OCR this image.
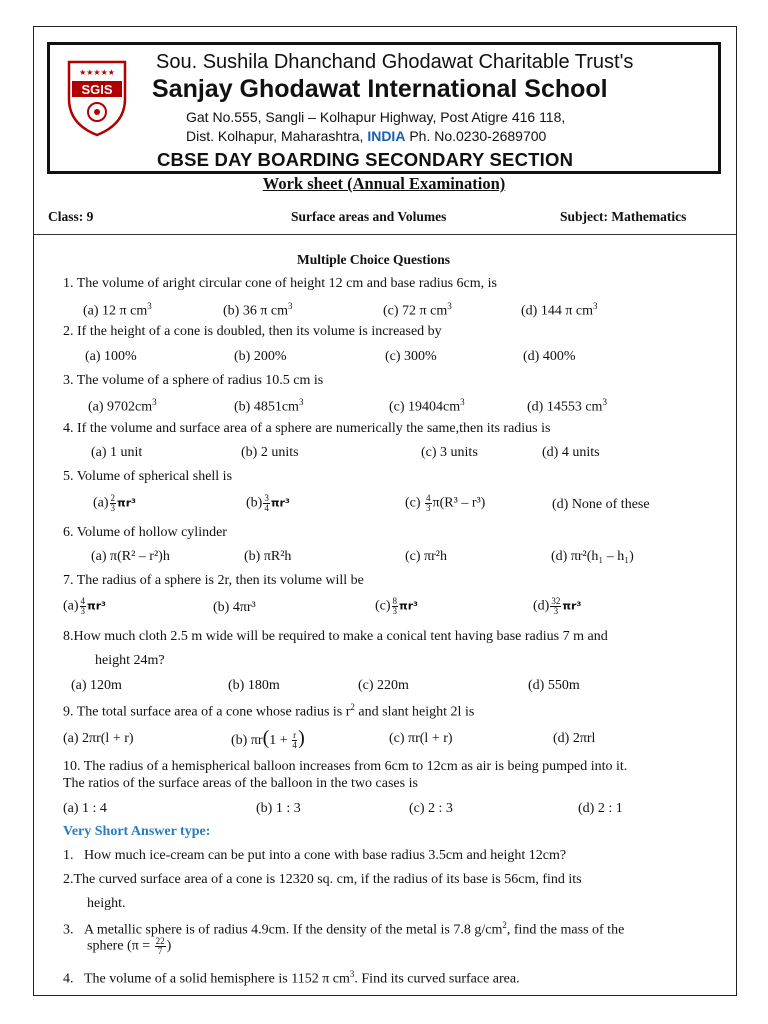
SGIS
★★★★★ Sou. Sushila Dhanchand Ghodawat Charitable Trust's
Sanjay Ghodawat International School
Gat No.555, Sangli – Kolhapur Highway, Post Atigre 416 118,
Dist. Kolhapur, Maharashtra, INDIA Ph. No.0230-2689700
CBSE DAY BOARDING SECONDARY SECTION
Work sheet (Annual Examination)
Class: 9	Surface areas and Volumes	Subject: Mathematics
Multiple Choice Questions
1. The volume of aright circular cone of height 12 cm and base radius 6cm, is
(a) 12 π $cm^3$	(b) 36 π $cm^3$	(c) 72 π $cm^3$	(d) 144 π $cm^3$
2. If the height of a cone is doubled, then its volume is increased by
(a) 100%	(b) 200%	(c) 300%	(d) 400%
3. The volume of a sphere of radius 10.5 cm is
(a) $9702cm^3$	(b) $4851cm^3$	(c) $19404cm^3$	(d) 14553 $cm^3$
4. If the volume and surface area of a sphere are numerically the same,then its radius is
(a) 1 unit	(b) 2 units	(c) 3 units	(d) 4 units
5. Volume of spherical shell is
$(a) \frac{2}{3} \pi r^3$	$(b) \frac{3}{4} \pi r^3$	$(c) \frac{4}{3} \pi(R^3 - r^3)$	(d) None of these
6. Volume of hollow cylinder
(a) π(R² – r²)h	(b) πR²h	(c) πr²h	(d) πr²(h₁ – h₁)
7. The radius of a sphere is 2r, then its volume will be
$(a) \frac{4}{3} \pi r^3$	(b) 4πr³	$(c) \frac{8}{3} \pi r^3$	$(d) \frac{32}{3} \pi r^3$
8.How much cloth 2.5 m wide will be required to make a conical tent having base radius 7 m and
height 24m?
(a) 120m	(b) 180m	(c) 220m	(d) 550m
9. The total surface area of a cone whose radius is $r^2$ and slant height 2l is
(a) 2πr(l + r)	(b) $\pi r(1 + \frac{r}{4}$ )	(c) πr(l + r)	(d) 2πrl
10. The radius of a hemispherical balloon increases from 6cm to 12cm as air is being pumped into it.
The ratios of the surface areas of the balloon in the two cases is
(a) 1 : 4	(b) 1 : 3	(c) 2 : 3	(d) 2 : 1
Very Short Answer type:
1. How much ice-cream can be put into a cone with base radius 3.5cm and height 12cm?
2.The curved surface area of a cone is 12320 sq. cm, if the radius of its base is 56cm, find its
height.
3. A metallic sphere is of radius 4.9cm. If the density of the metal is 7.8 $g/cm^2$, find the mass of the
sphere ($\pi = \frac{22}{7}$ )
4. The volume of a solid hemisphere is 1152 π $cm^3$. Find its curved surface area.
